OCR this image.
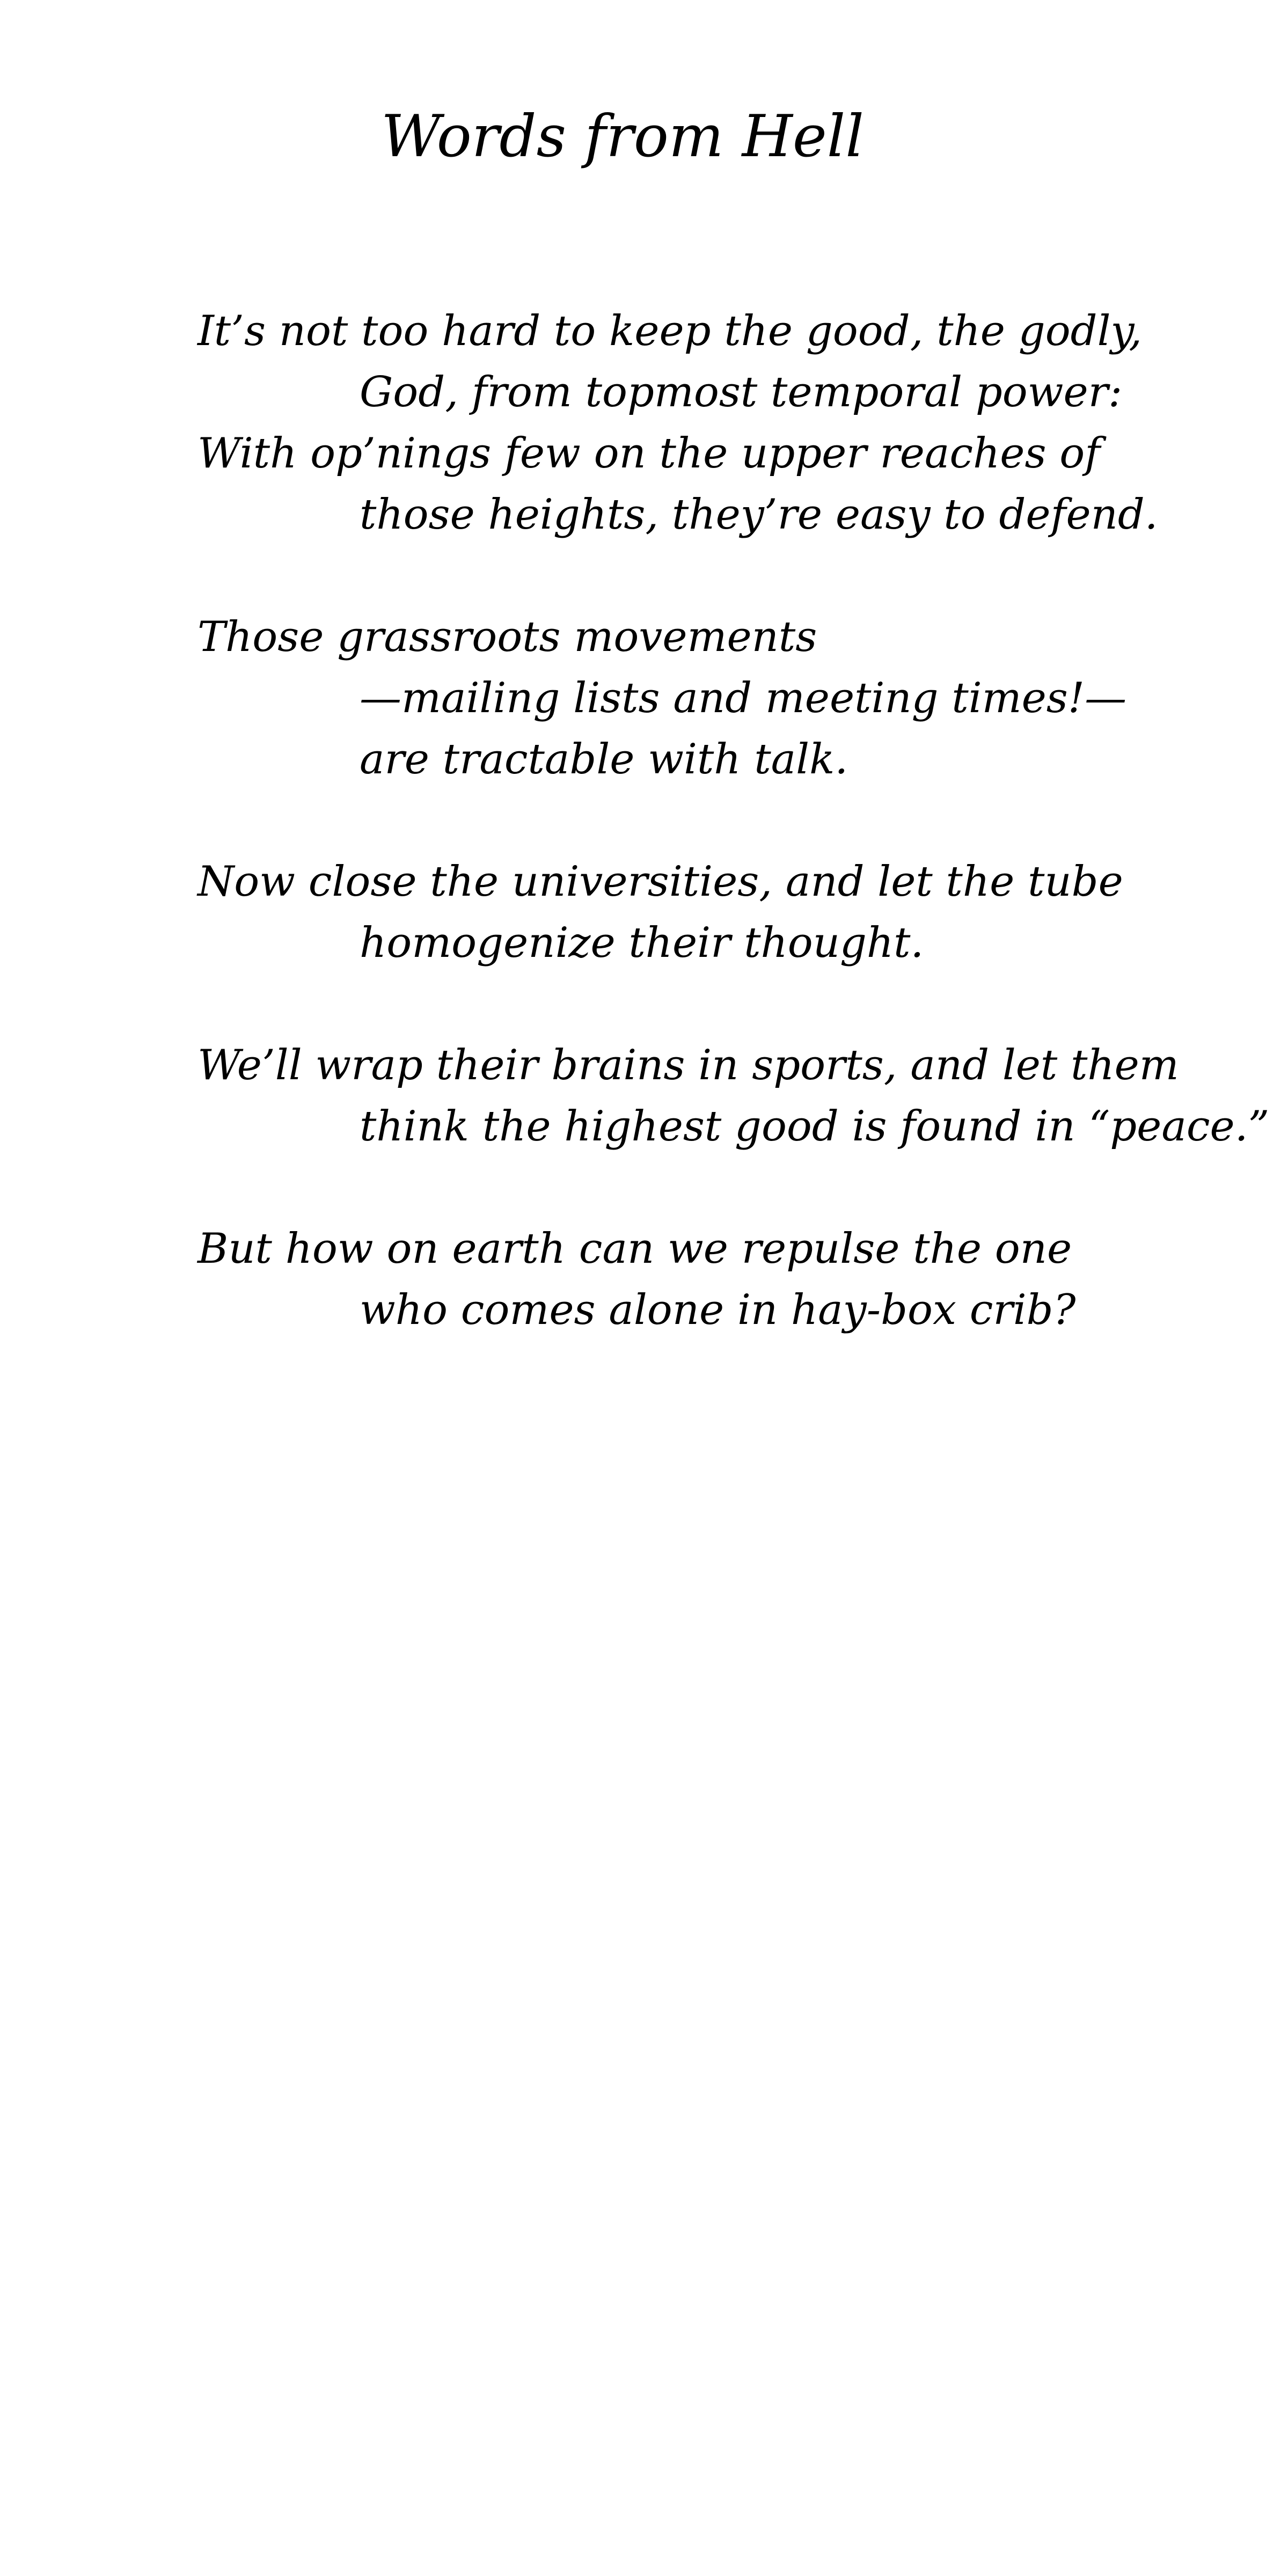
Words from Hell
It’s not too hard to keep the good, the godly,
God, from topmost temporal power:
With op’nings few on the upper reaches of
those heights, they’re easy to defend.
Those grassroots movements
—mailing lists and meeting times!—
are tractable with talk.
Now close the universities, and let the tube
homogenize their thought.
We’ll wrap their brains in sports, and let them
think the highest good is found in “peace.”
But how on earth can we repulse the one
who comes alone in hay-box crib?
